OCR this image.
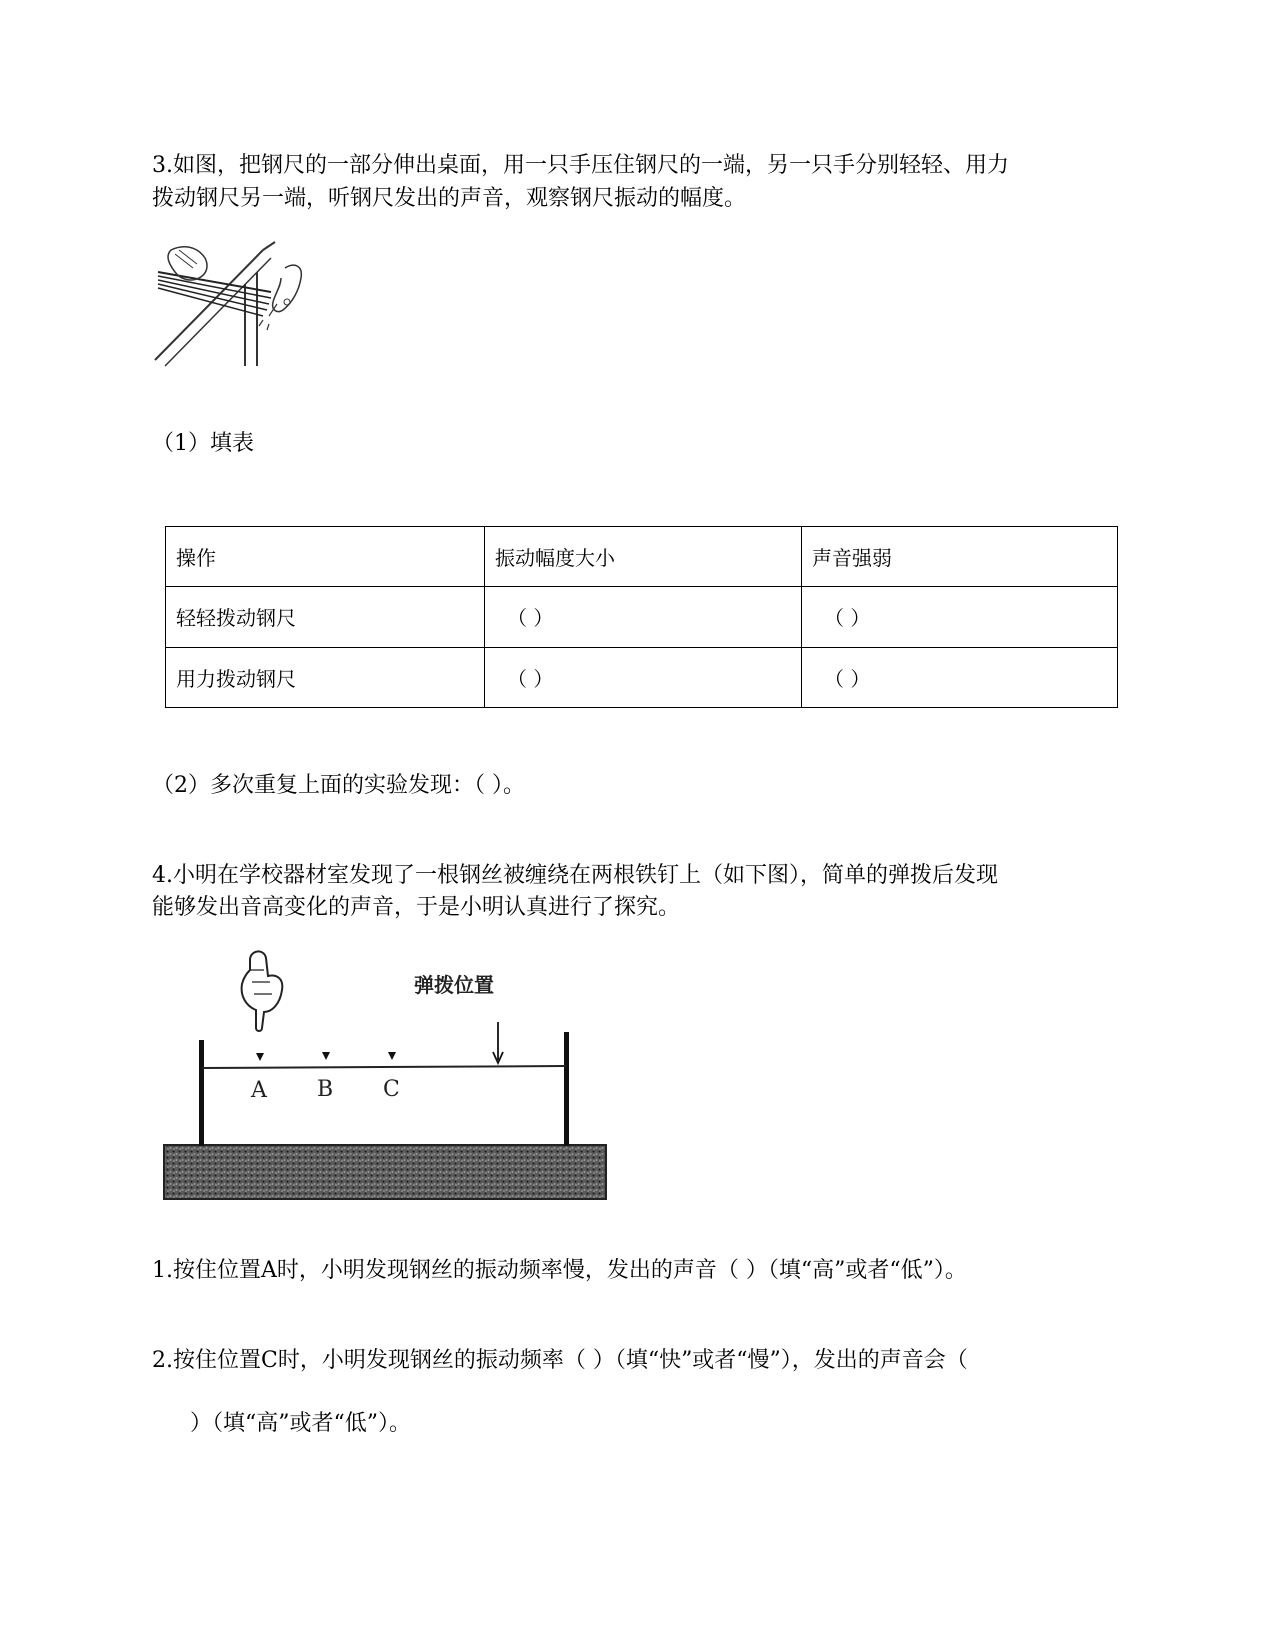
3.如图，把钢尺的一部分伸出桌面，用一只手压住钢尺的一端，另一只手分别轻轻、用力
拨动钢尺另一端，听钢尺发出的声音，观察钢尺振动的幅度。
（1）填表
操作	振动幅度大小	声音强弱
轻轻拨动钢尺	（ ）	（ ）
用力拨动钢尺	（ ）	（ ）
（2）多次重复上面的实验发现：（ ）。
4.小明在学校器材室发现了一根钢丝被缠绕在两根铁钉上（如下图），简单的弹拨后发现
能够发出音高变化的声音，于是小明认真进行了探究。
弹拨位置
A B C
1.按住位置A时，小明发现钢丝的振动频率慢，发出的声音（ ）（填“高”或者“低”）。
2.按住位置C时，小明发现钢丝的振动频率（ ）（填“快”或者“慢”），发出的声音会（
）（填“高”或者“低”）。
